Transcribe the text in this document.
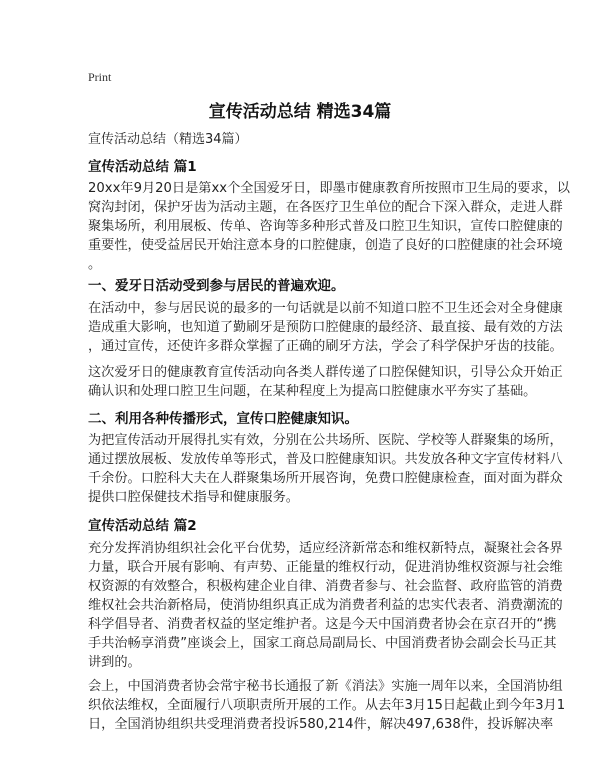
Print
宣传活动总结 精选34篇
宣传活动总结（精选34篇）
宣传活动总结 篇1
20xx年9月20日是第xx个全国爱牙日，即墨市健康教育所按照市卫生局的要求，以
窝沟封闭，保护牙齿为活动主题，在各医疗卫生单位的配合下深入群众，走进人群
聚集场所，利用展板、传单、咨询等多种形式普及口腔卫生知识，宣传口腔健康的
重要性，使受益居民开始注意本身的口腔健康，创造了良好的口腔健康的社会环境
。
一、爱牙日活动受到参与居民的普遍欢迎。
在活动中，参与居民说的最多的一句话就是以前不知道口腔不卫生还会对全身健康
造成重大影响，也知道了勤刷牙是预防口腔健康的最经济、最直接、最有效的方法
，通过宣传，还使许多群众掌握了正确的刷牙方法，学会了科学保护牙齿的技能。
这次爱牙日的健康教育宣传活动向各类人群传递了口腔保健知识，引导公众开始正
确认识和处理口腔卫生问题，在某种程度上为提高口腔健康水平夯实了基础。
二、利用各种传播形式，宣传口腔健康知识。
为把宣传活动开展得扎实有效，分别在公共场所、医院、学校等人群聚集的场所，
通过摆放展板、发放传单等形式，普及口腔健康知识。共发放各种文字宣传材料八
千余份。口腔科大夫在人群聚集场所开展咨询，免费口腔健康检查，面对面为群众
提供口腔保健技术指导和健康服务。
宣传活动总结 篇2
充分发挥消协组织社会化平台优势，适应经济新常态和维权新特点，凝聚社会各界
力量，联合开展有影响、有声势、正能量的维权行动，促进消协维权资源与社会维
权资源的有效整合，积极构建企业自律、消费者参与、社会监督、政府监管的消费
维权社会共治新格局，使消协组织真正成为消费者利益的忠实代表者、消费潮流的
科学倡导者、消费者权益的坚定维护者。这是今天中国消费者协会在京召开的“携
手共治畅享消费”座谈会上，国家工商总局副局长、中国消费者协会副会长马正其
讲到的。
会上，中国消费者协会常宇秘书长通报了新《消法》实施一周年以来，全国消协组
织依法维权，全面履行八项职责所开展的工作。从去年3月15日起截止到今年3月1
日，全国消协组织共受理消费者投诉580,214件，解决497,638件，投诉解决率
